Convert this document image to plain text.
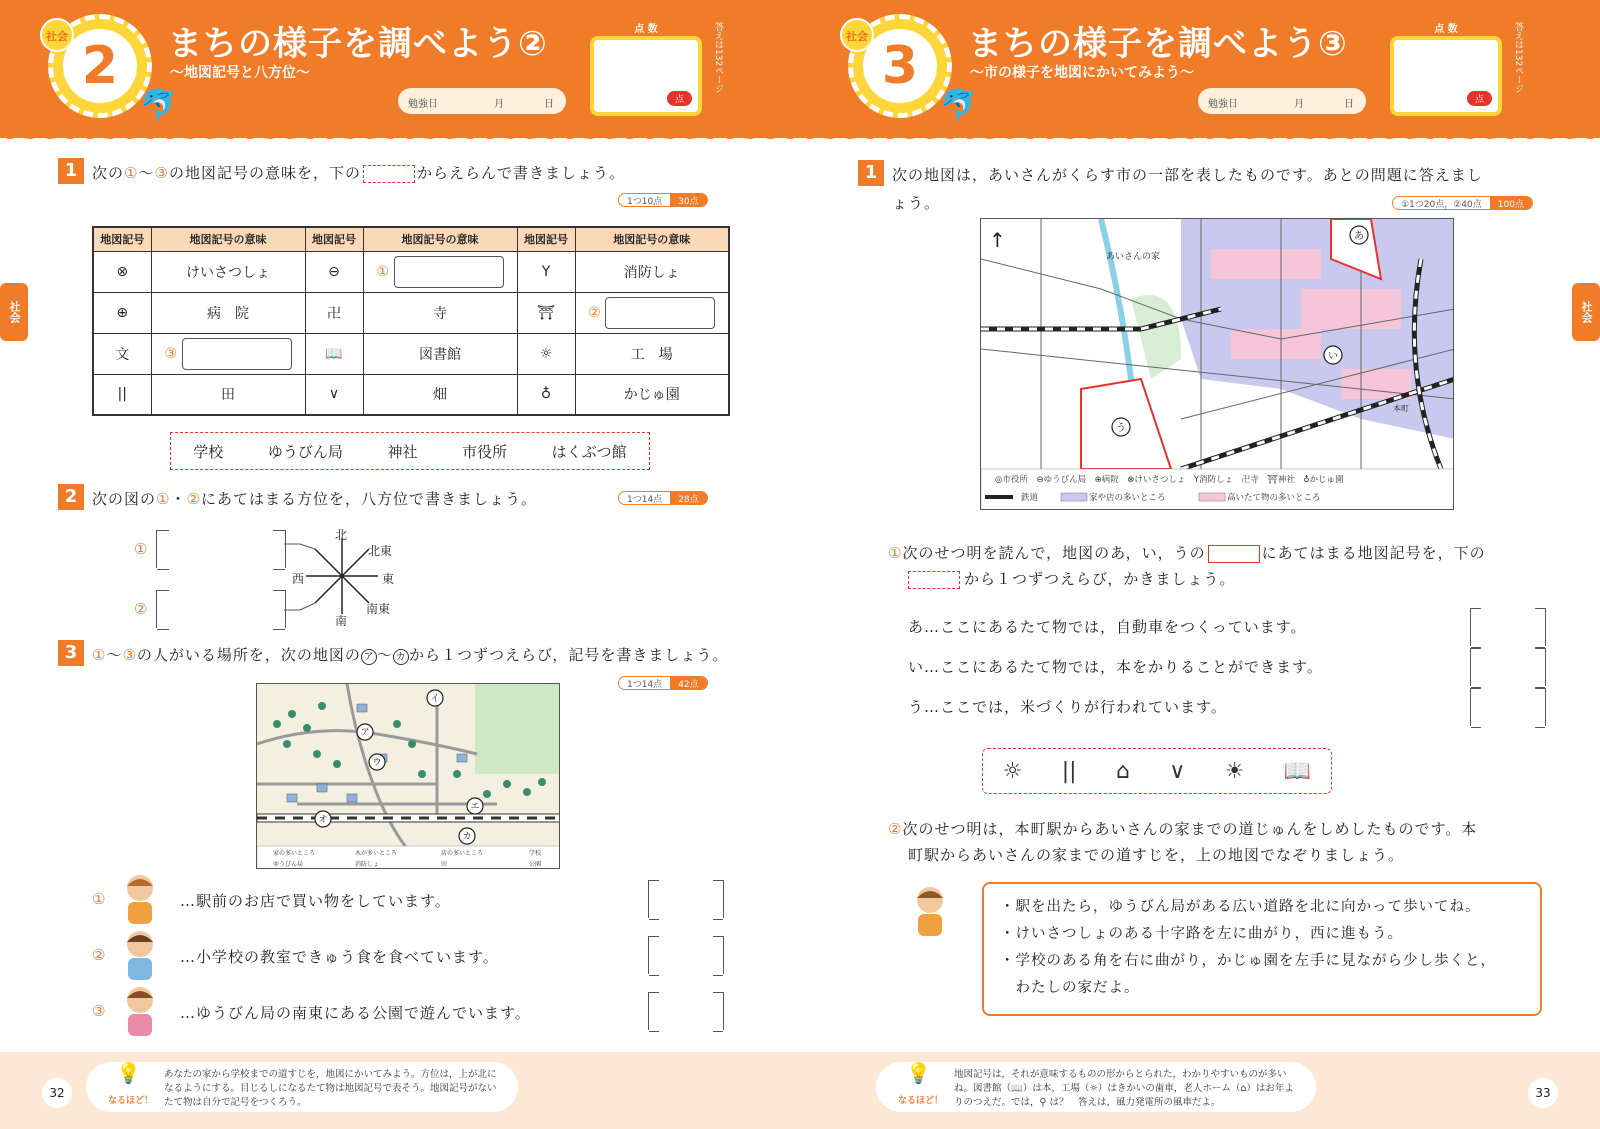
2
社会
🐬
まちの様子を調べよう②
～地図記号と八方位～
勉強日	月	日
点 数
点
答えは132ページ
社会
1 次の①～③の地図記号の意味を，下の	からえらんで書きましょう。
1つ10点	30点
地図記号	地図記号の意味	地図記号	地図記号の意味	地図記号	地図記号の意味
⊗	けいさつしょ	⊖	①	Y	消防しょ
⊕	病　院	卍	寺	⛩	②
文	③	📖	図書館	☼	工　場
||	田	∨	畑	♁	かじゅ園
学校	ゆうびん局	神社	市役所	はくぶつ館
2 次の図の①・②にあてはまる方位を，八方位で書きましょう。	1つ14点	28点
①
②
北
北東
西	東
南
南東
3 ①～③の人がいる場所を，次の地図の ア ～ カ から１つずつえらび，記号を書きましょう。
1つ14点	42点
イ
ア
ウ
エ
オ
カ
家の多いところ	木が多いところ	店の多いところ	学校
ゆうびん局	消防しょ	田	公園
①	…駅前のお店で買い物をしています。
②	…小学校の教室できゅう食を食べています。
③	…ゆうびん局の南東にある公園で遊んでいます。
32
💡
なるほど！
あなたの家から学校までの道すじを，地図にかいてみよう。方位は，上が北になるようにする。目じるしになるたて物は地図記号で表そう。地図記号がないたて物は自分で記号をつくろう。
3
社会
🐬
まちの様子を調べよう③
～市の様子を地図にかいてみよう～
勉強日	月	日
点 数
点
答えは132ページ
社会
1 次の地図は，あいさんがくらす市の一部を表したものです。あとの問題に答えまし
ょう。	①1つ20点，②40点	100点
あ
い
う
あいさんの家
本町
↑
◎市役所　⊖ゆうびん局　⊕病院　⊗けいさつしょ　Y消防しょ　卍寺　⛩神社　♁かじゅ園
鉄道	家や店の多いところ	高いたて物の多いところ
①次のせつ明を読んで，地図のあ，い，うの	にあてはまる地図記号を，下の
から１つずつえらび，かきましょう。
あ…ここにあるたて物では，自動車をつくっています。
い…ここにあるたて物では，本をかりることができます。
う…ここでは，米づくりが行われています。
☼ || ⌂ ∨ ☀ 📖
②次のせつ明は，本町駅からあいさんの家までの道じゅんをしめしたものです。本
町駅からあいさんの家までの道すじを，上の地図でなぞりましょう。
・駅を出たら，ゆうびん局がある広い道路を北に向かって歩いてね。
・けいさつしょのある十字路を左に曲がり，西に進もう。
・学校のある角を右に曲がり，かじゅ園を左手に見ながら少し歩くと，
　わたしの家だよ。
💡
なるほど！
地図記号は，それが意味するものの形からとられた，わかりやすいものが多いね。図書館（📖）は本，工場（☼）はきかいの歯車，老人ホーム（⌂）はお年よりのつえだ。では，⚲ は？　答えは，風力発電所の風車だよ。
33
